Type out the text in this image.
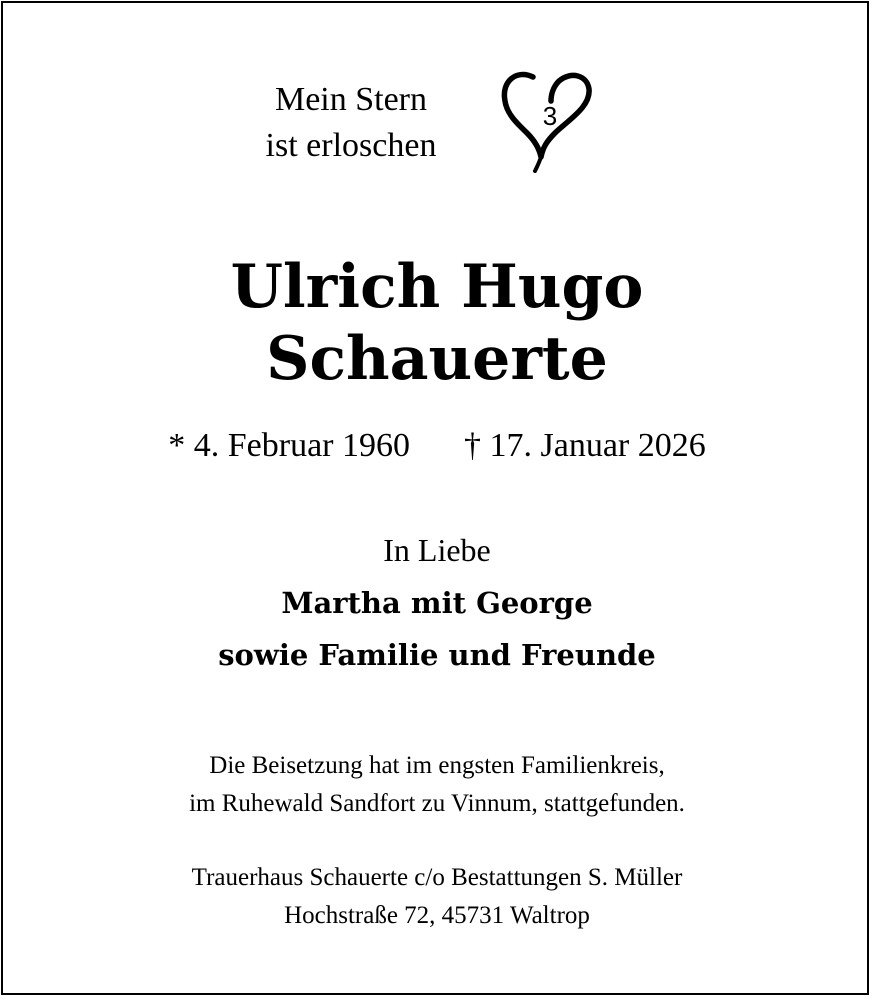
Mein Stern
ist erloschen
3
Ulrich Hugo
Schauerte
* 4. Februar 1960 † 17. Januar 2026
In Liebe
Martha mit George
sowie Familie und Freunde
Die Beisetzung hat im engsten Familienkreis,
im Ruhewald Sandfort zu Vinnum, stattgefunden.
Trauerhaus Schauerte c/o Bestattungen S. Müller
Hochstraße 72, 45731 Waltrop
